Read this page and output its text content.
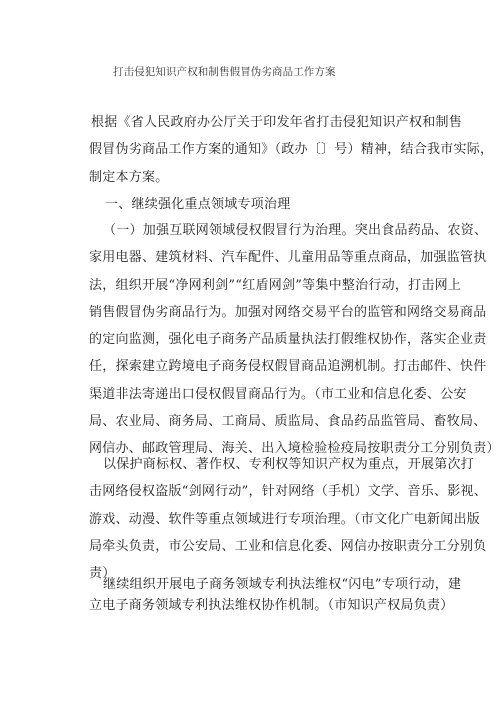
打击侵犯知识产权和制售假冒伪劣商品工作方案
根据《省人民政府办公厅关于印发年省打击侵犯知识产权和制售
假冒伪劣商品工作方案的通知》（政办〔〕号）精神，结合我市实际，
制定本方案。
一、继续强化重点领域专项治理
（一）加强互联网领域侵权假冒行为治理。突出食品药品、农资、
家用电器、建筑材料、汽车配件、儿童用品等重点商品，加强监管执
法，组织开展“净网利剑”“红盾网剑”等集中整治行动，打击网上
销售假冒伪劣商品行为。加强对网络交易平台的监管和网络交易商品
的定向监测，强化电子商务产品质量执法打假维权协作，落实企业责
任，探索建立跨境电子商务侵权假冒商品追溯机制。打击邮件、快件
渠道非法寄递出口侵权假冒商品行为。（市工业和信息化委、公安
局、农业局、商务局、工商局、质监局、食品药品监管局、畜牧局、
网信办、邮政管理局、海关、出入境检验检疫局按职责分工分别负责）
以保护商标权、著作权、专利权等知识产权为重点，开展第次打
击网络侵权盗版“剑网行动”，针对网络（手机）文学、音乐、影视、
游戏、动漫、软件等重点领域进行专项治理。（市文化广电新闻出版
局牵头负责，市公安局、工业和信息化委、网信办按职责分工分别负
责）
继续组织开展电子商务领域专利执法维权“闪电”专项行动，建
立电子商务领域专利执法维权协作机制。（市知识产权局负责）
